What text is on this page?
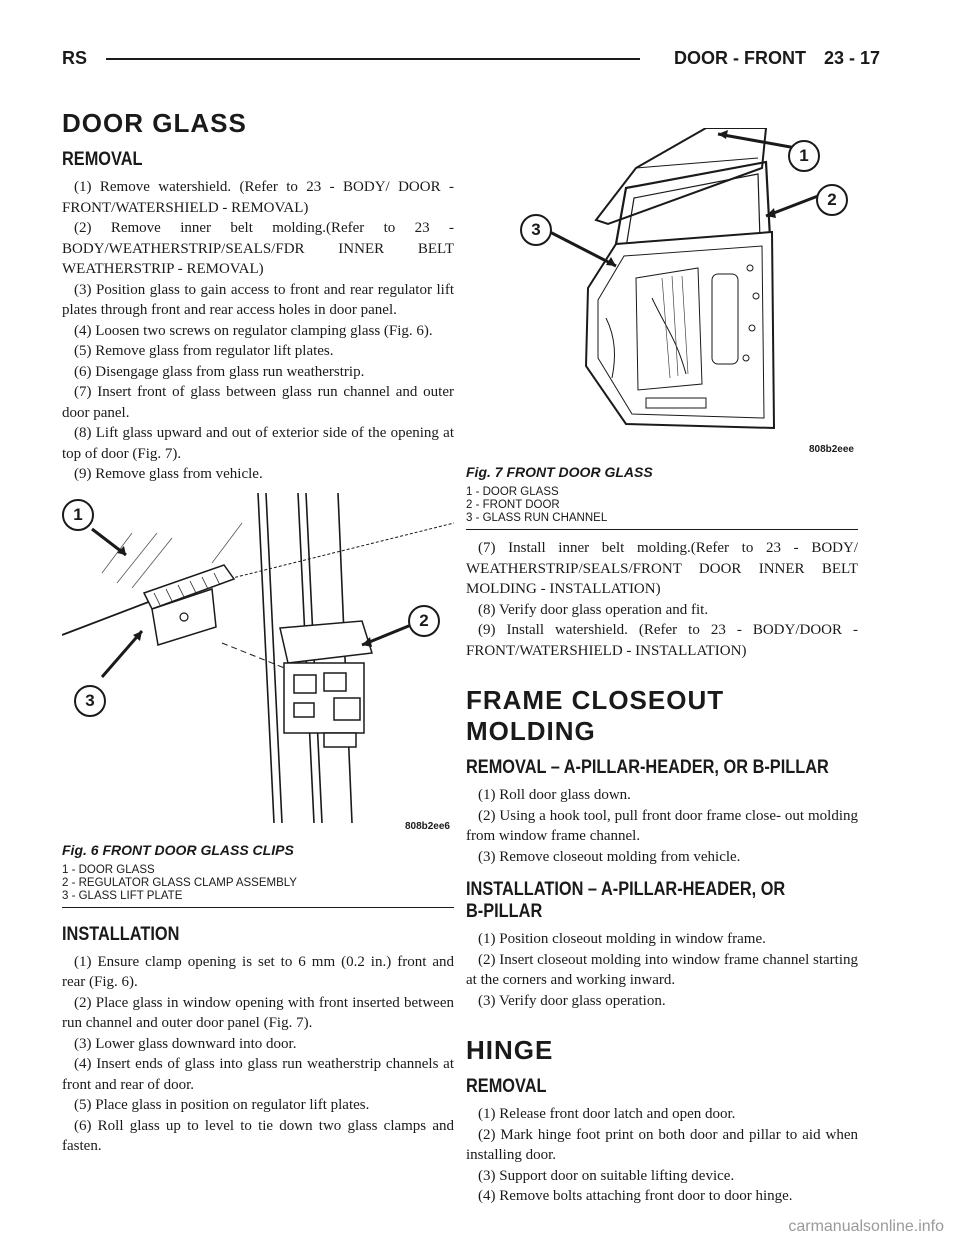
RS	DOOR - FRONT 23 - 17
DOOR GLASS
REMOVAL

(1) Remove watershield. (Refer to 23 - BODY/ DOOR - FRONT/WATERSHIELD - REMOVAL)

(2) Remove inner belt molding.(Refer to 23 - BODY/WEATHERSTRIP/SEALS/FDR INNER BELT WEATHERSTRIP - REMOVAL)

(3) Position glass to gain access to front and rear regulator lift plates through front and rear access holes in door panel.

(4) Loosen two screws on regulator clamping glass (Fig. 6).

(5) Remove glass from regulator lift plates.

(6) Disengage glass from glass run weatherstrip.

(7) Insert front of glass between glass run channel and outer door panel.

(8) Lift glass upward and out of exterior side of the opening at top of door (Fig. 7).

(9) Remove glass from vehicle.

1
2
3
808b2ee6
Fig. 6 FRONT DOOR GLASS CLIPS
1 - DOOR GLASS
2 - REGULATOR GLASS CLAMP ASSEMBLY
3 - GLASS LIFT PLATE
INSTALLATION

(1) Ensure clamp opening is set to 6 mm (0.2 in.) front and rear (Fig. 6).

(2) Place glass in window opening with front inserted between run channel and outer door panel (Fig. 7).

(3) Lower glass downward into door.

(4) Insert ends of glass into glass run weatherstrip channels at front and rear of door.

(5) Place glass in position on regulator lift plates.

(6) Roll glass up to level to tie down two glass clamps and fasten.

1
2
3
808b2eee
Fig. 7 FRONT DOOR GLASS
1 - DOOR GLASS
2 - FRONT DOOR
3 - GLASS RUN CHANNEL

(7) Install inner belt molding.(Refer to 23 - BODY/ WEATHERSTRIP/SEALS/FRONT DOOR INNER BELT MOLDING - INSTALLATION)

(8) Verify door glass operation and fit.

(9) Install watershield. (Refer to 23 - BODY/DOOR - FRONT/WATERSHIELD - INSTALLATION)

FRAME CLOSEOUT MOLDING
REMOVAL – A-PILLAR-HEADER, OR B-PILLAR

(1) Roll door glass down.

(2) Using a hook tool, pull front door frame close- out molding from window frame channel.

(3) Remove closeout molding from vehicle.

INSTALLATION – A-PILLAR-HEADER, OR
B-PILLAR

(1) Position closeout molding in window frame.

(2) Insert closeout molding into window frame channel starting at the corners and working inward.

(3) Verify door glass operation.

HINGE
REMOVAL

(1) Release front door latch and open door.

(2) Mark hinge foot print on both door and pillar to aid when installing door.

(3) Support door on suitable lifting device.

(4) Remove bolts attaching front door to door hinge.

carmanualsonline.info
